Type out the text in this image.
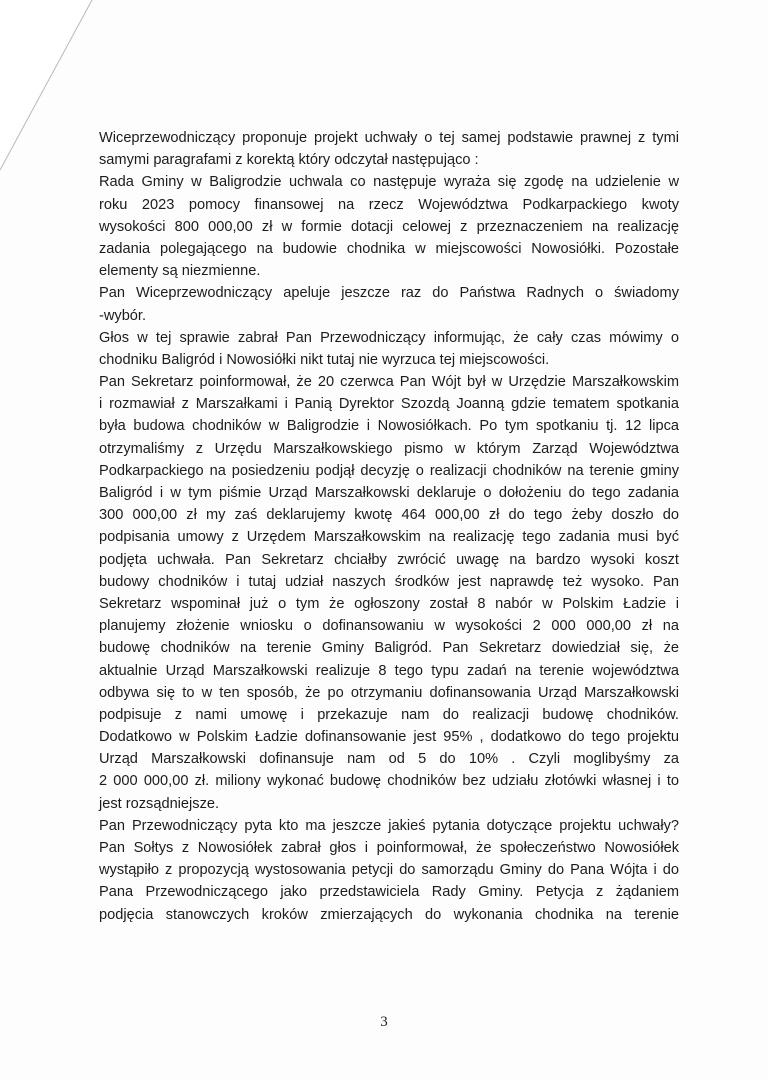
Wiceprzewodniczący proponuje projekt uchwały o tej samej podstawie prawnej z tymi
samymi paragrafami z korektą który odczytał następująco :
Rada Gminy w Baligrodzie uchwala co następuje wyraża się zgodę na udzielenie w
roku 2023 pomocy finansowej na rzecz Województwa Podkarpackiego kwoty
wysokości 800 000,00 zł w formie dotacji celowej z przeznaczeniem na realizację
zadania polegającego na budowie chodnika w miejscowości Nowosiółki. Pozostałe
elementy są niezmienne.
Pan Wiceprzewodniczący apeluje jeszcze raz do Państwa Radnych o świadomy
-wybór.
Głos w tej sprawie zabrał Pan Przewodniczący informując, że cały czas mówimy o
chodniku Baligród i Nowosiółki nikt tutaj nie wyrzuca tej miejscowości.
Pan Sekretarz poinformował, że 20 czerwca Pan Wójt był w Urzędzie Marszałkowskim
i rozmawiał z Marszałkami i Panią Dyrektor Szozdą Joanną gdzie tematem spotkania
była budowa chodników w Baligrodzie i Nowosiółkach. Po tym spotkaniu tj. 12 lipca
otrzymaliśmy z Urzędu Marszałkowskiego pismo w którym Zarząd Województwa
Podkarpackiego na posiedzeniu podjął decyzję o realizacji chodników na terenie gminy
Baligród i w tym piśmie Urząd Marszałkowski deklaruje o dołożeniu do tego zadania
300 000,00 zł my zaś deklarujemy kwotę 464 000,00 zł do tego żeby doszło do
podpisania umowy z Urzędem Marszałkowskim na realizację tego zadania musi być
podjęta uchwała. Pan Sekretarz chciałby zwrócić uwagę na bardzo wysoki koszt
budowy chodników i tutaj udział naszych środków jest naprawdę też wysoko. Pan
Sekretarz wspominał już o tym że ogłoszony został 8 nabór w Polskim Ładzie i
planujemy złożenie wniosku o dofinansowaniu w wysokości 2 000 000,00 zł na
budowę chodników na terenie Gminy Baligród. Pan Sekretarz dowiedział się, że
aktualnie Urząd Marszałkowski realizuje 8 tego typu zadań na terenie województwa
odbywa się to w ten sposób, że po otrzymaniu dofinansowania Urząd Marszałkowski
podpisuje z nami umowę i przekazuje nam do realizacji budowę chodników.
Dodatkowo w Polskim Ładzie dofinansowanie jest 95% , dodatkowo do tego projektu
Urząd Marszałkowski dofinansuje nam od 5 do 10% . Czyli moglibyśmy za
2 000 000,00 zł. miliony wykonać budowę chodników bez udziału złotówki własnej i to
jest rozsądniejsze.
Pan Przewodniczący pyta kto ma jeszcze jakieś pytania dotyczące projektu uchwały?
Pan Sołtys z Nowosiółek zabrał głos i poinformował, że społeczeństwo Nowosiółek
wystąpiło z propozycją wystosowania petycji do samorządu Gminy do Pana Wójta i do
Pana Przewodniczącego jako przedstawiciela Rady Gminy. Petycja z żądaniem
podjęcia stanowczych kroków zmierzających do wykonania chodnika na terenie
3
